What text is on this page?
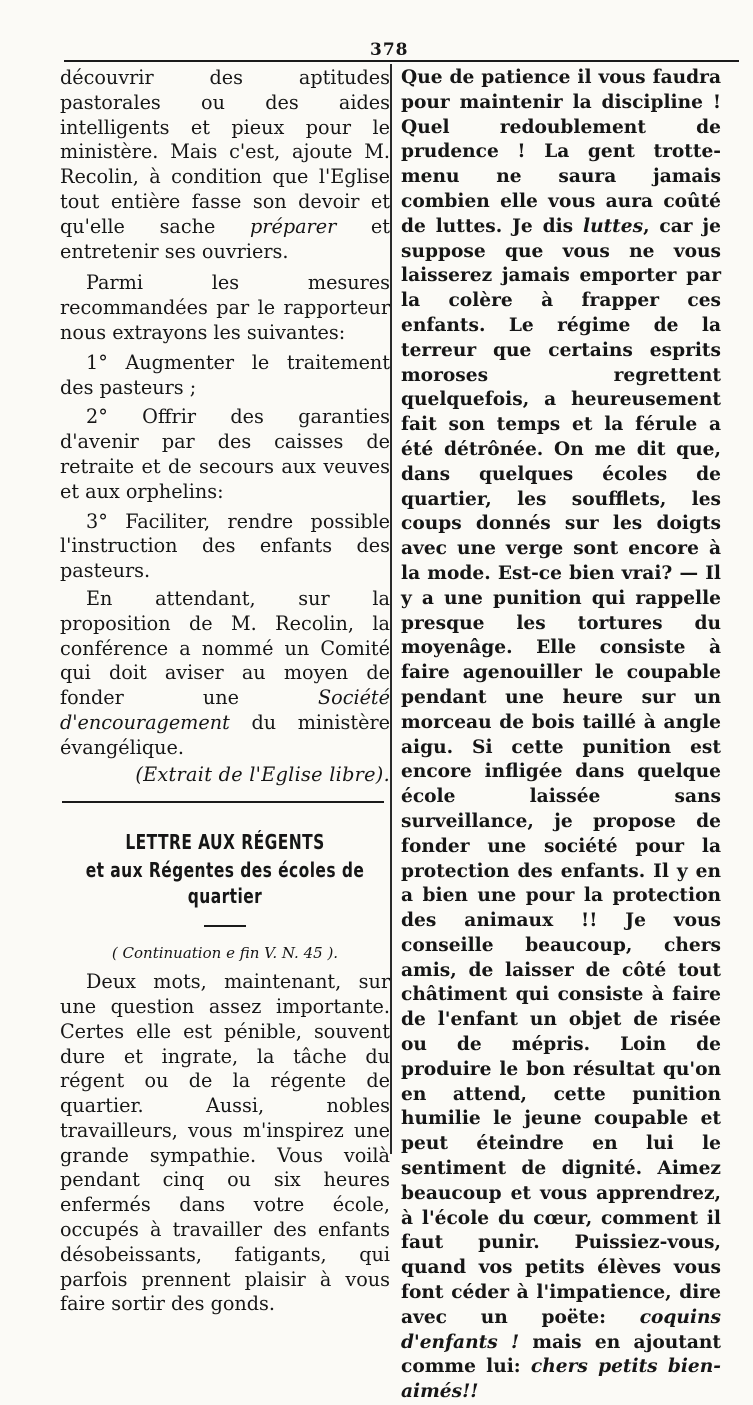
378

découvrir des aptitudes pastorales ou des aides intelligents et pieux pour le ministère. Mais c'est, ajoute M. Recolin, à condition que l'Eglise tout entière fasse son devoir et qu'elle sache préparer et entretenir ses ouvriers.

Parmi les mesures recommandées par le rapporteur nous extrayons les suivantes:

1° Augmenter le traitement des pasteurs ;

2° Offrir des garanties d'avenir par des caisses de retraite et de secours aux veuves et aux orphelins:

3° Faciliter, rendre possible l'instruction des enfants des pasteurs.

En attendant, sur la proposition de M. Recolin, la conférence a nommé un Comité qui doit aviser au moyen de fonder une Société d'encouragement du ministère évangélique.

(Extrait de l'Eglise libre).

LETTRE AUX RÉGENTS
et aux Régentes des écoles de quartier
( Continuation e fin V. N. 45 ).

Deux mots, maintenant, sur une question assez importante. Certes elle est pénible, souvent dure et ingrate, la tâche du régent ou de la régente de quartier. Aussi, nobles travailleurs, vous m'inspirez une grande sympathie. Vous voilà pendant cinq ou six heures enfermés dans votre école, occupés à travailler des enfants désobeissants, fatigants, qui parfois prennent plaisir à vous faire sortir des gonds.

Que de patience il vous faudra pour maintenir la discipline ! Quel redoublement de prudence ! La gent trotte-menu ne saura jamais combien elle vous aura coûté de luttes. Je dis luttes, car je suppose que vous ne vous laisserez jamais emporter par la colère à frapper ces enfants. Le régime de la terreur que certains esprits moroses regrettent quelquefois, a heureusement fait son temps et la férule a été détrônée. On me dit que, dans quelques écoles de quartier, les soufflets, les coups donnés sur les doigts avec une verge sont encore à la mode. Est-ce bien vrai? — Il y a une punition qui rappelle presque les tortures du moyenâge. Elle consiste à faire agenouiller le coupable pendant une heure sur un morceau de bois taillé à angle aigu. Si cette punition est encore infligée dans quelque école laissée sans surveillance, je propose de fonder une société pour la protection des enfants. Il y en a bien une pour la protection des animaux !! Je vous conseille beaucoup, chers amis, de laisser de côté tout châtiment qui consiste à faire de l'enfant un objet de risée ou de mépris. Loin de produire le bon résultat qu'on en attend, cette punition humilie le jeune coupable et peut éteindre en lui le sentiment de dignité. Aimez beaucoup et vous apprendrez, à l'école du cœur, comment il faut punir. Puissiez-vous, quand vos petits élèves vous font céder à l'impatience, dire avec un poëte: coquins d'enfants ! mais en ajoutant comme lui: chers petits bien-aimés!!
